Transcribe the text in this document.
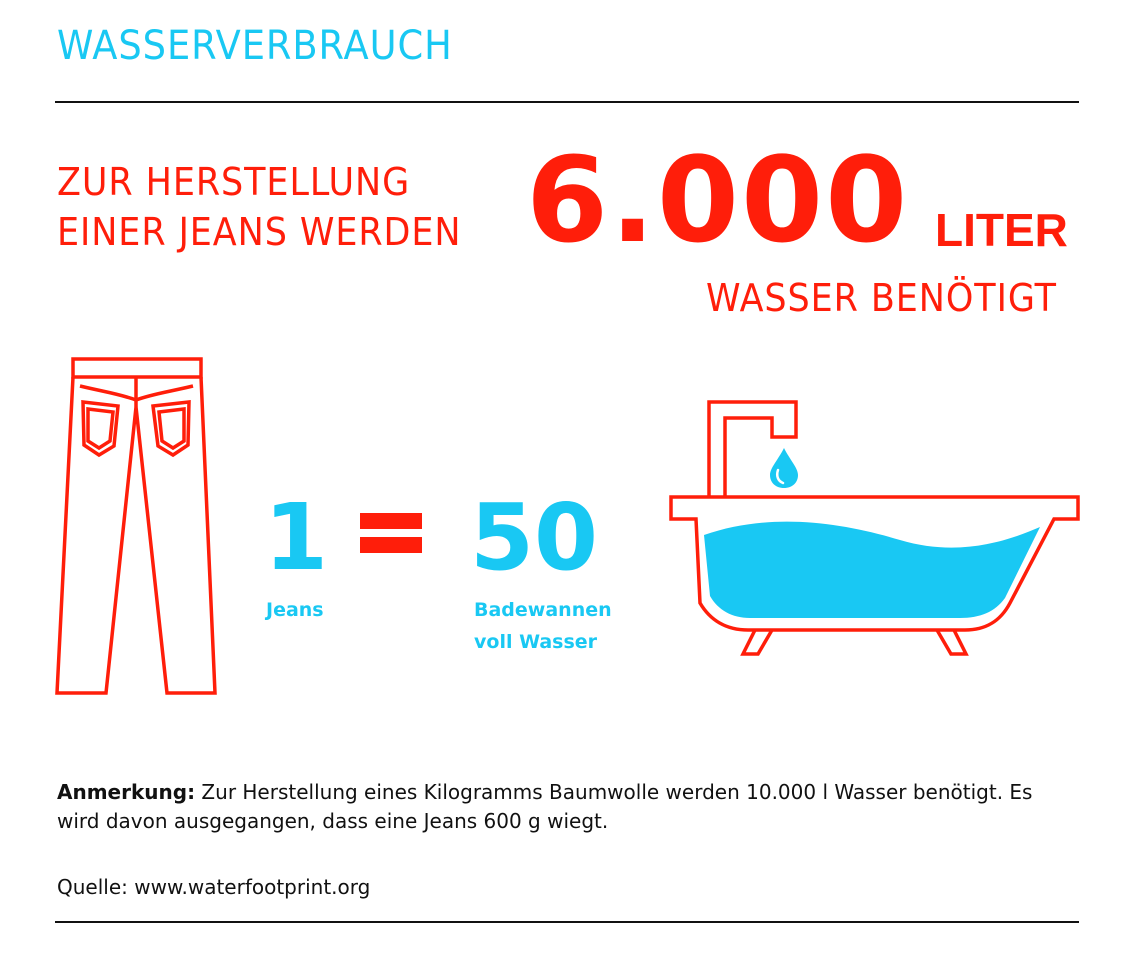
WASSERVERBRAUCH
ZUR HERSTELLUNG
EINER JEANS WERDEN 6.000 LITER
WASSER BENÖTIGT
1 50
Jeans	Badewannen
voll Wasser

Anmerkung: Zur Herstellung eines Kilogramms Baumwolle werden 10.000 l Wasser benötigt. Es wird davon ausgegangen, dass eine Jeans 600 g wiegt.

Quelle: www.waterfootprint.org
